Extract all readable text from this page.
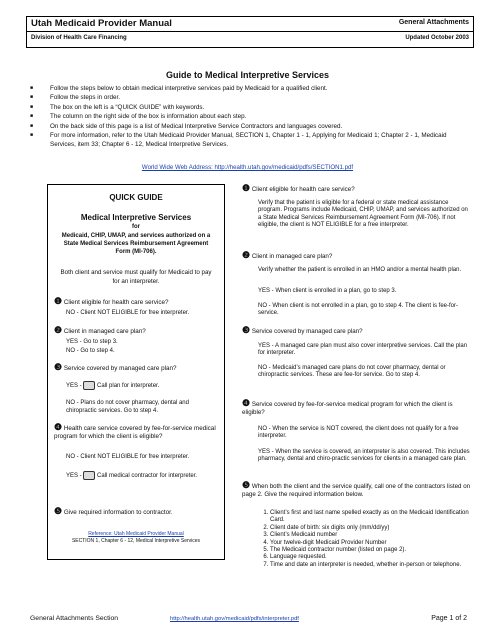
Utah Medicaid Provider Manual	General Attachments
Division of Health Care Financing	Updated October 2003
Guide to Medical Interpretive Services
■ Follow the steps below to obtain medical interpretive services paid by Medicaid for a qualified client.
■ Follow the steps in order.
■ The box on the left is a “QUICK GUIDE” with keywords.
■ The column on the right side of the box is information about each step.
■ On the back side of this page is a list of Medical Interpretive Service Contractors and languages covered.
■ For more information, refer to the Utah Medicaid Provider Manual, SECTION 1, Chapter 1 - 1, Applying for Medicaid 1; Chapter 2 - 1, Medicaid Services, item 33; Chapter 6 - 12, Medical Interpretive Services.
World Wide Web Address: http://health.utah.gov/medicaid/pdfs/SECTION1.pdf
QUICK GUIDE
Medical Interpretive Services
for
Medicaid, CHIP, UMAP, and services authorized on a State Medical Services Reimbursement Agreement Form (MI-706).
Both client and service must qualify for Medicaid to pay for an interpreter.
❶ Client eligible for health care service?
NO - Client NOT ELIGIBLE for free interpreter.
❷ Client in managed care plan?
YES - Go to step 3.
NO - Go to step 4.
❸ Service covered by managed care plan?
YES -	Call plan for interpreter.
NO - Plans do not cover pharmacy, dental and chiropractic services. Go to step 4.
❹ Health care service covered by fee-for-service medical program for which the client is eligible?
NO - Client NOT ELIGIBLE for free interpreter.
YES -	Call medical contractor for interpreter.
❺ Give required information to contractor.
Reference: Utah Medicaid Provider Manual
SECTION 1, Chapter 6 - 12, Medical Interpretive Services
❶ Client eligible for health care service?
Verify that the patient is eligible for a federal or state medical assistance program. Programs include Medicaid, CHIP, UMAP, and services authorized on a State Medical Services Reimbursement Agreement Form (MI-706). If not eligible, the client is NOT ELIGIBLE for a free interpreter.
❷ Client in managed care plan?
Verify whether the patient is enrolled in an HMO and/or a mental health plan.
YES - When client is enrolled in a plan, go to step 3.
NO - When client is not enrolled in a plan, go to step 4. The client is fee-for-service.
❸ Service covered by managed care plan?
YES - A managed care plan must also cover interpretive services. Call the plan for interpreter.
NO - Medicaid’s managed care plans do not cover pharmacy, dental or chiropractic services. These are fee-for service. Go to step 4.
❹ Service covered by fee-for-service medical program for which the client is eligible?
NO - When the service is NOT covered, the client does not qualify for a free interpreter.
YES - When the service is covered, an interpreter is also covered. This includes pharmacy, dental and chiro-practic services for clients in a managed care plan.
❺ When both the client and the service qualify, call one of the contractors listed on page 2. Give the required information below.
1. Client’s first and last name spelled exactly as on the Medicaid Identification Card.
2. Client date of birth: six digits only (mm/dd/yy)
3. Client’s Medicaid number
4. Your twelve-digit Medicaid Provider Number
5. The Medicaid contractor number (listed on page 2).
6. Language requested.
7. Time and date an interpreter is needed, whether in-person or telephone.
General Attachments Section	http://health.utah.gov/medicaid/pdfs/interpreter.pdf	Page 1 of 2
